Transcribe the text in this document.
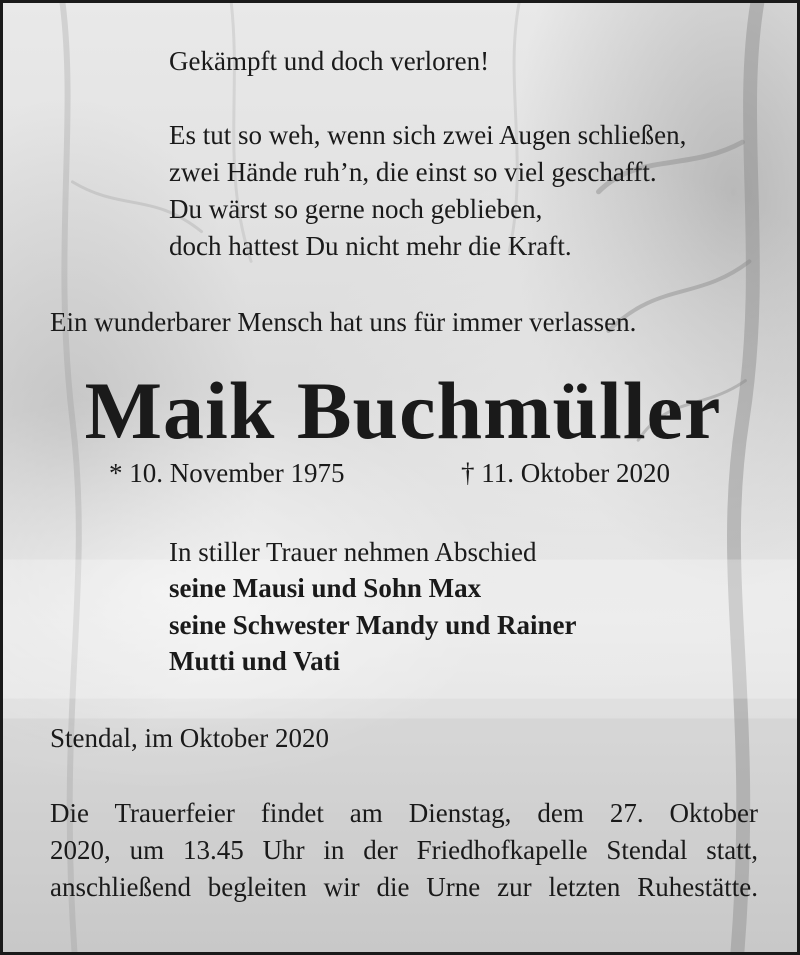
Gekämpft und doch verloren!
Es tut so weh, wenn sich zwei Augen schließen,
zwei Hände ruh’n, die einst so viel geschafft.
Du wärst so gerne noch geblieben,
doch hattest Du nicht mehr die Kraft.
Ein wunderbarer Mensch hat uns für immer verlassen.
Maik Buchmüller
* 10. November 1975	† 11. Oktober 2020
In stiller Trauer nehmen Abschied
seine Mausi und Sohn Max
seine Schwester Mandy und Rainer
Mutti und Vati
Stendal, im Oktober 2020
Die Trauerfeier findet am Dienstag, dem 27. Oktober
2020, um 13.45 Uhr in der Friedhofkapelle Stendal statt,
anschließend begleiten wir die Urne zur letzten Ruhestätte.
